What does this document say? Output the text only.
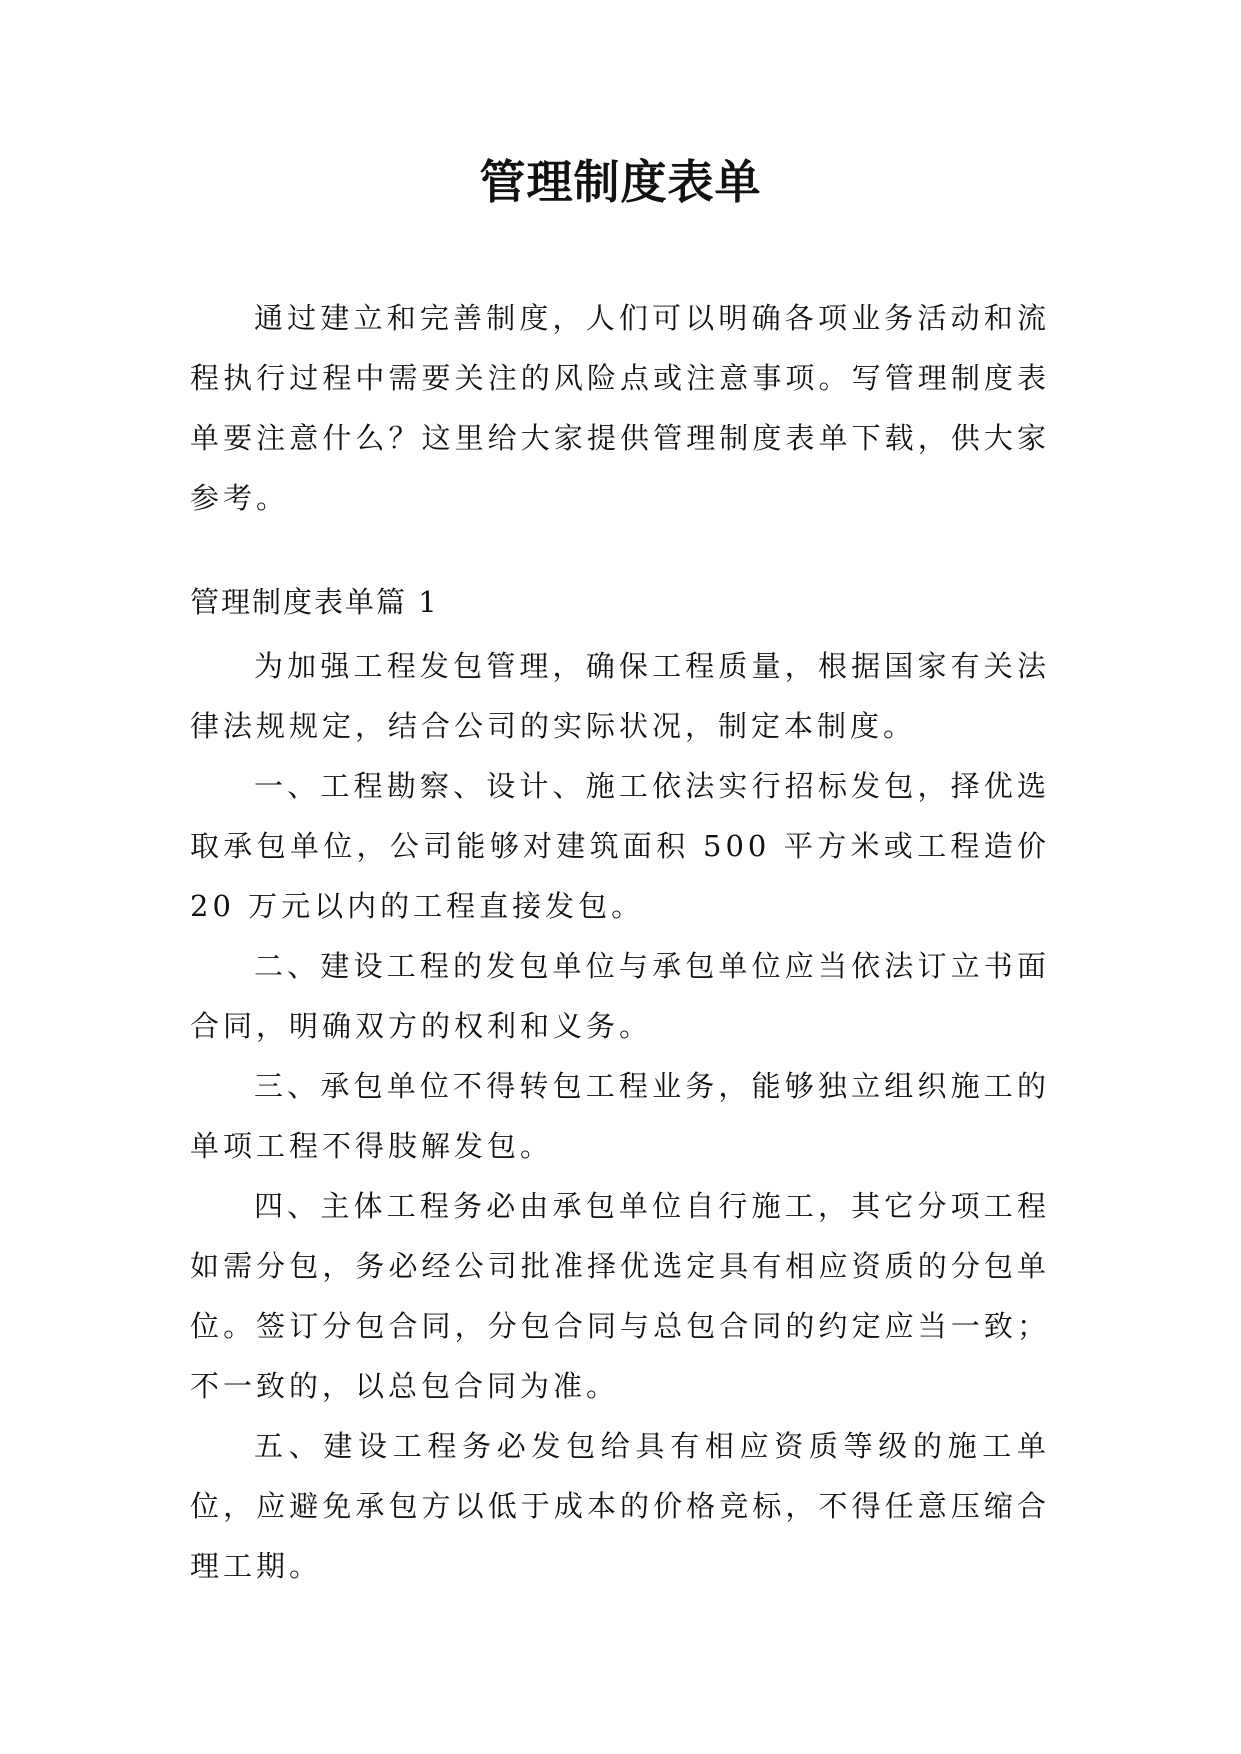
管理制度表单

通过建立和完善制度，人们可以明确各项业务活动和流程执行过程中需要关注的风险点或注意事项。写管理制度表单要注意什么？这里给大家提供管理制度表单下载，供大家参考。

管理制度表单篇 1

为加强工程发包管理，确保工程质量，根据国家有关法律法规规定，结合公司的实际状况，制定本制度。

一、工程勘察、设计、施工依法实行招标发包，择优选取承包单位，公司能够对建筑面积 500 平方米或工程造价 20 万元以内的工程直接发包。

二、建设工程的发包单位与承包单位应当依法订立书面合同，明确双方的权利和义务。

三、承包单位不得转包工程业务，能够独立组织施工的单项工程不得肢解发包。

四、主体工程务必由承包单位自行施工，其它分项工程如需分包，务必经公司批准择优选定具有相应资质的分包单位。签订分包合同，分包合同与总包合同的约定应当一致；不一致的，以总包合同为准。

五、建设工程务必发包给具有相应资质等级的施工单位，应避免承包方以低于成本的价格竞标，不得任意压缩合理工期。
